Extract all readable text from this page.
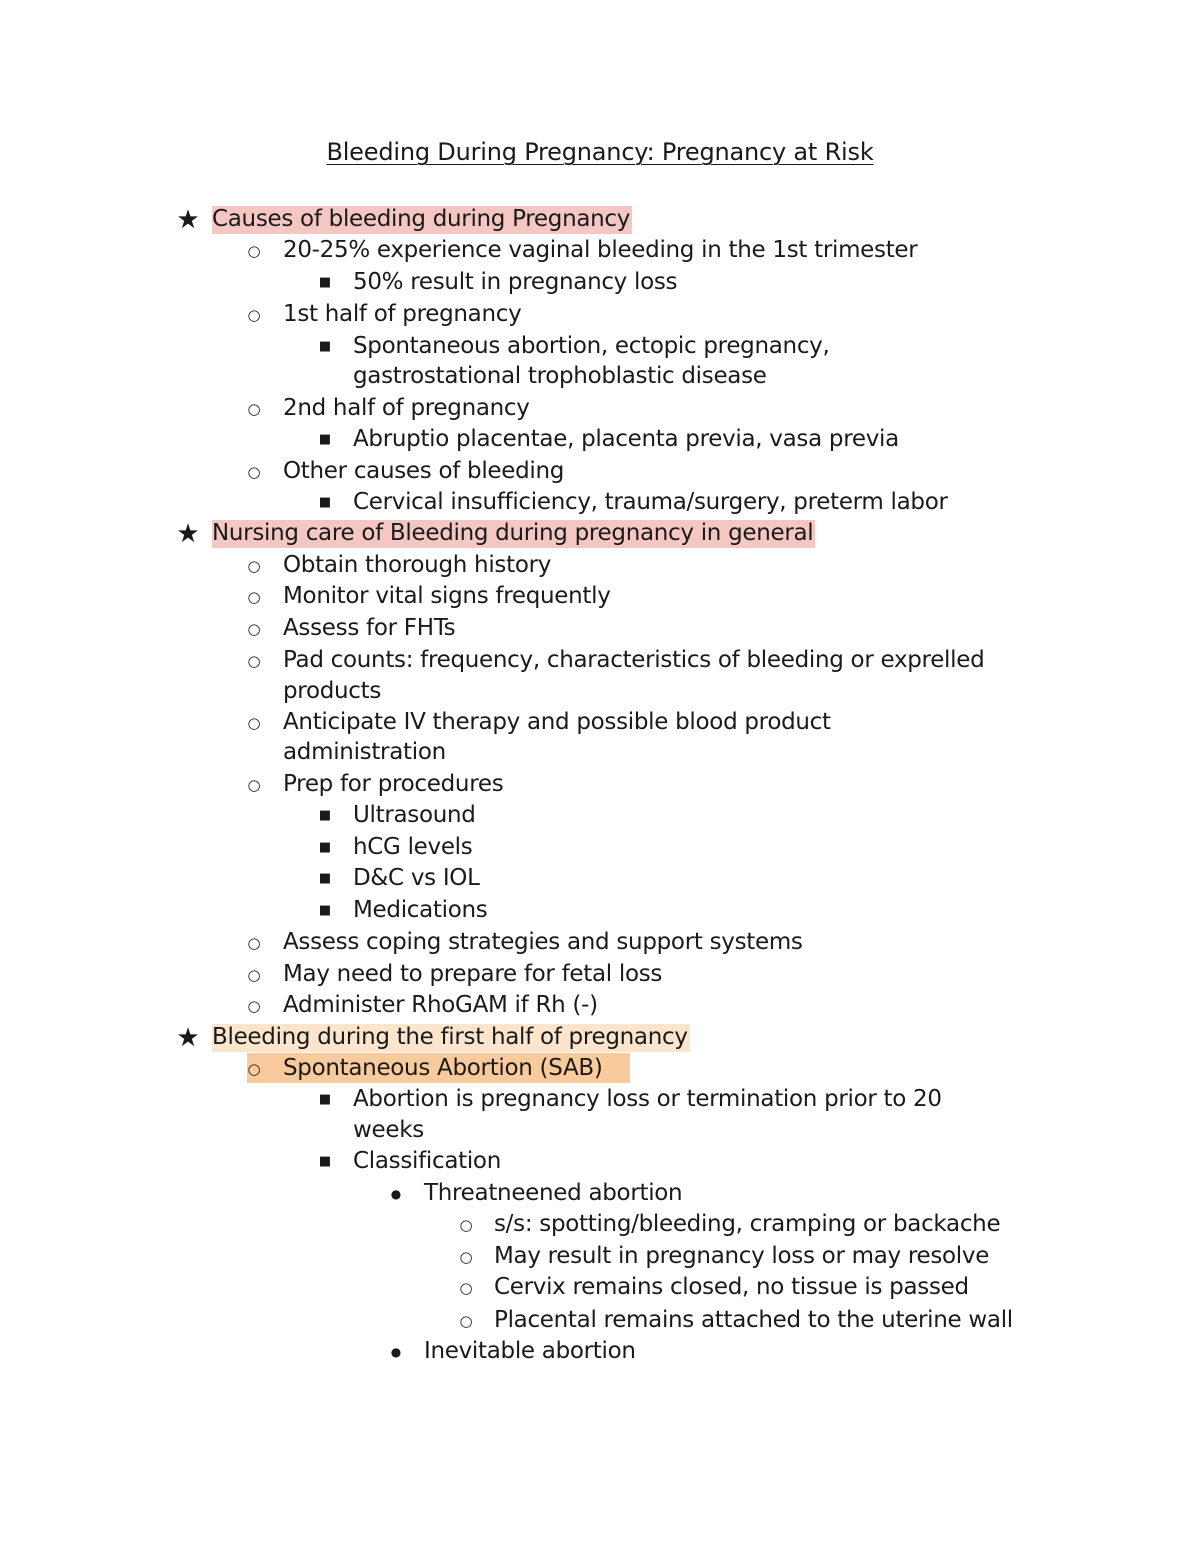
Bleeding During Pregnancy: Pregnancy at Risk
★ Causes of bleeding during Pregnancy
○ 20-25% experience vaginal bleeding in the 1st trimester
■ 50% result in pregnancy loss
○ 1st half of pregnancy
■ Spontaneous abortion, ectopic pregnancy,
gastrostational trophoblastic disease
○ 2nd half of pregnancy
■ Abruptio placentae, placenta previa, vasa previa
○ Other causes of bleeding
■ Cervical insufficiency, trauma/surgery, preterm labor
★ Nursing care of Bleeding during pregnancy in general
○ Obtain thorough history
○ Monitor vital signs frequently
○ Assess for FHTs
○ Pad counts: frequency, characteristics of bleeding or exprelled
products
○ Anticipate IV therapy and possible blood product
administration
○ Prep for procedures
■ Ultrasound
■ hCG levels
■ D&C vs IOL
■ Medications
○ Assess coping strategies and support systems
○ May need to prepare for fetal loss
○ Administer RhoGAM if Rh (-)
★ Bleeding during the first half of pregnancy
○ Spontaneous Abortion (SAB)
■ Abortion is pregnancy loss or termination prior to 20
weeks
■ Classification
● Threatneened abortion
○ s/s: spotting/bleeding, cramping or backache
○ May result in pregnancy loss or may resolve
○ Cervix remains closed, no tissue is passed
○ Placental remains attached to the uterine wall
● Inevitable abortion
